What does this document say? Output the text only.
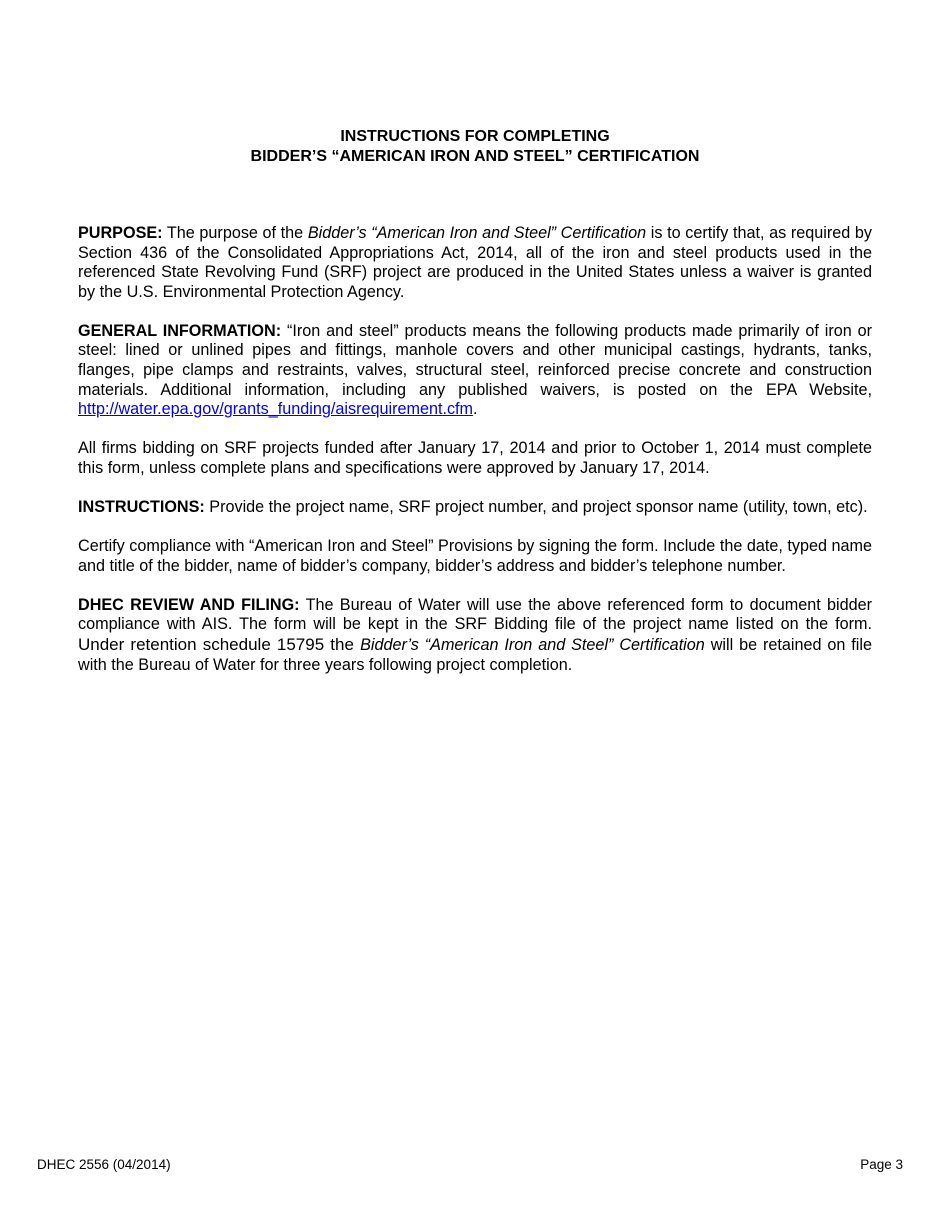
INSTRUCTIONS FOR COMPLETING
BIDDER’S “AMERICAN IRON AND STEEL” CERTIFICATION

PURPOSE: The purpose of the Bidder’s “American Iron and Steel” Certification is to certify that, as required by Section 436 of the Consolidated Appropriations Act, 2014, all of the iron and steel products used in the referenced State Revolving Fund (SRF) project are produced in the United States unless a waiver is granted by the U.S. Environmental Protection Agency.

GENERAL INFORMATION: “Iron and steel” products means the following products made primarily of iron or steel: lined or unlined pipes and fittings, manhole covers and other municipal castings, hydrants, tanks, flanges, pipe clamps and restraints, valves, structural steel, reinforced precise concrete and construction materials. Additional information, including any published waivers, is posted on the EPA Website, http://water.epa.gov/grants_funding/aisrequirement.cfm.

All firms bidding on SRF projects funded after January 17, 2014 and prior to October 1, 2014 must complete this form, unless complete plans and specifications were approved by January 17, 2014.

INSTRUCTIONS: Provide the project name, SRF project number, and project sponsor name (utility, town, etc).

Certify compliance with “American Iron and Steel” Provisions by signing the form. Include the date, typed name and title of the bidder, name of bidder’s company, bidder’s address and bidder’s telephone number.

DHEC REVIEW AND FILING: The Bureau of Water will use the above referenced form to document bidder compliance with AIS. The form will be kept in the SRF Bidding file of the project name listed on the form. Under retention schedule 15795 the Bidder’s “American Iron and Steel” Certification will be retained on file with the Bureau of Water for three years following project completion.

DHEC 2556 (04/2014)	Page 3
